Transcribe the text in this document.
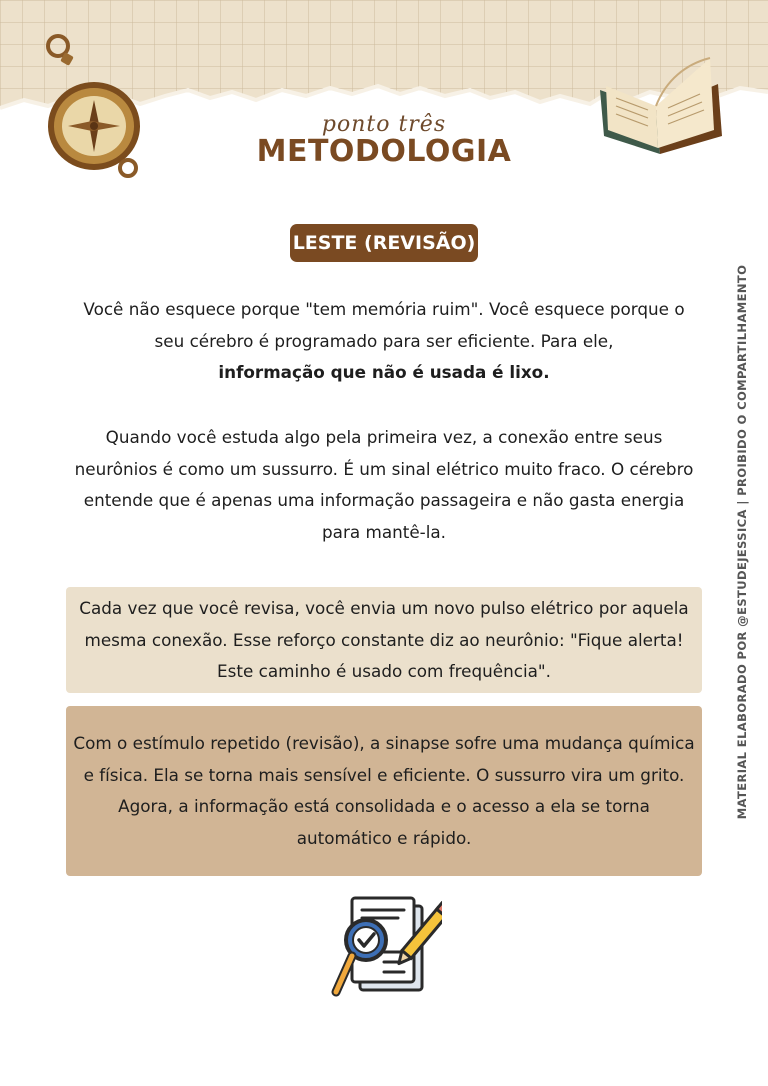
ponto três
METODOLOGIA
LESTE (REVISÃO)
Você não esquece porque "tem memória ruim". Você esquece porque o seu cérebro é programado para ser eficiente. Para ele,
informação que não é usada é lixo.
Quando você estuda algo pela primeira vez, a conexão entre seus neurônios é como um sussurro. É um sinal elétrico muito fraco. O cérebro entende que é apenas uma informação passageira e não gasta energia para mantê-la.
Cada vez que você revisa, você envia um novo pulso elétrico por aquela mesma conexão. Esse reforço constante diz ao neurônio: "Fique alerta! Este caminho é usado com frequência".
Com o estímulo repetido (revisão), a sinapse sofre uma mudança química e física. Ela se torna mais sensível e eficiente. O sussurro vira um grito. Agora, a informação está consolidada e o acesso a ela se torna automático e rápido.
MATERIAL ELABORADO POR @ESTUDEJESSICA | PROIBIDO O COMPARTILHAMENTO
